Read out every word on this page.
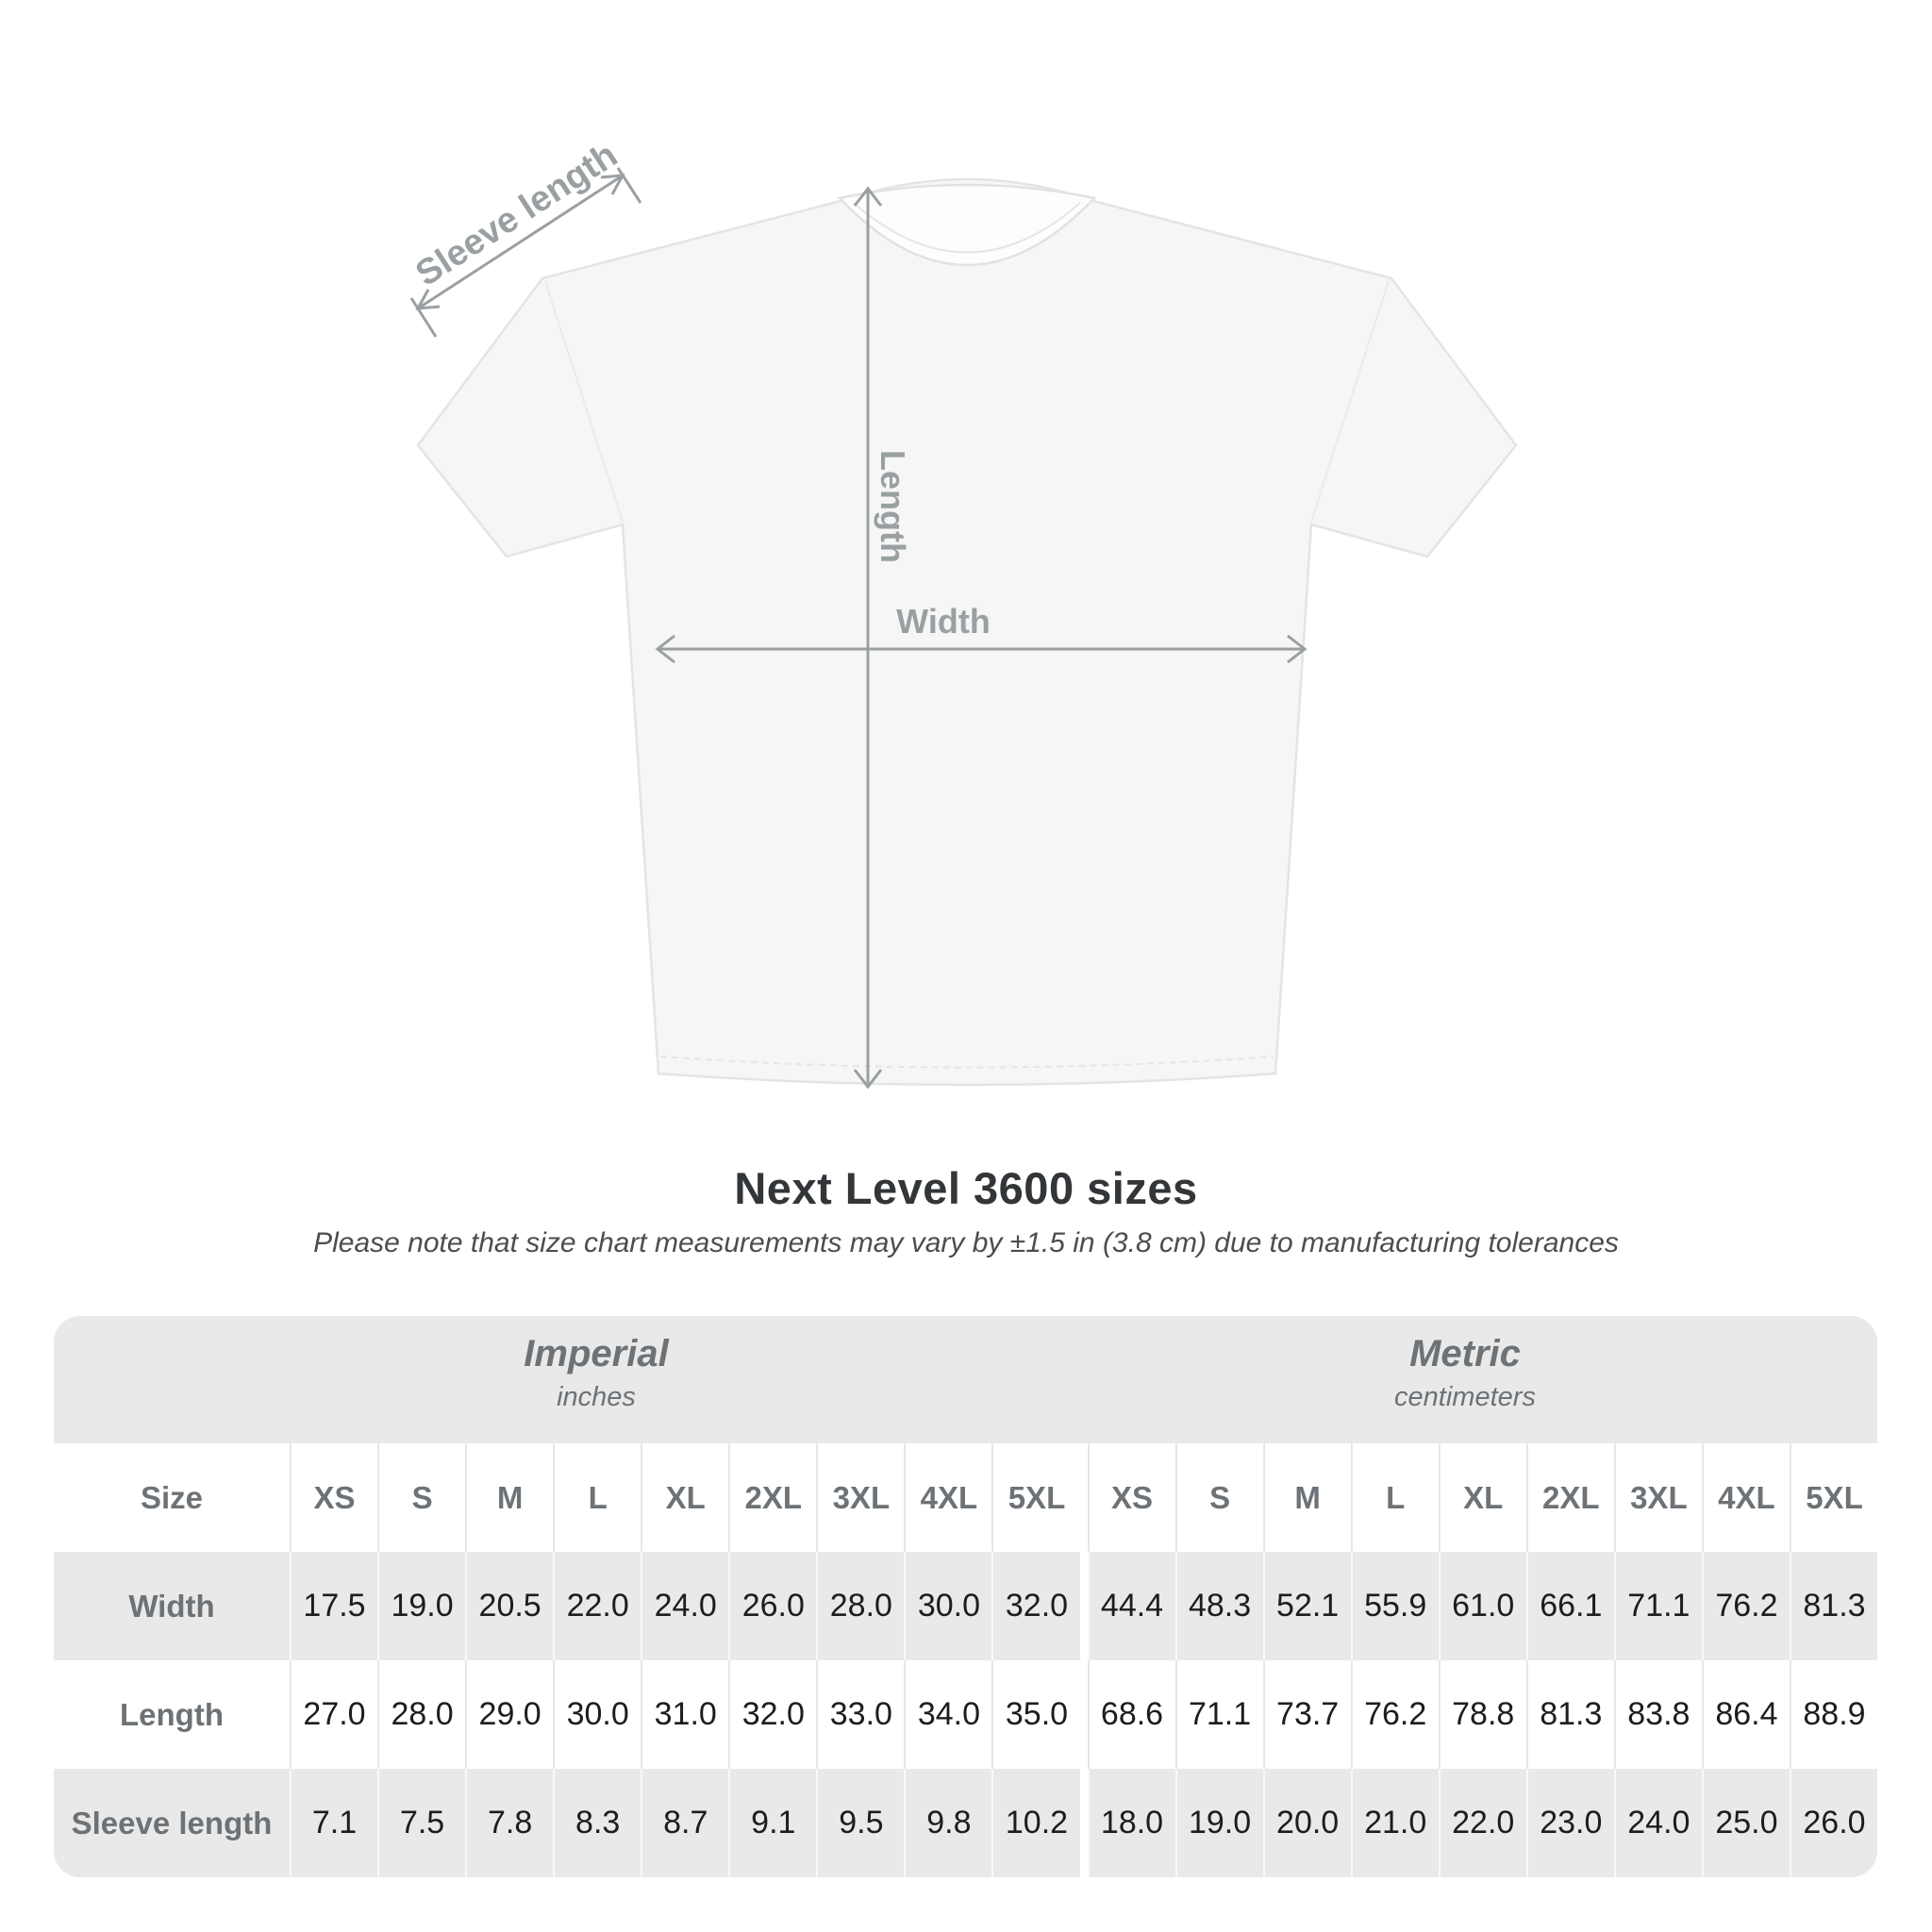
Sleeve length
Length
Width
Next Level 3600 sizes
Please note that size chart measurements may vary by ±1.5 in (3.8 cm) due to manufacturing tolerances
Imperial
inches
Metric
centimeters
Size	XS	S	M	L	XL	2XL 3XL 4XL 5XL	XS	S	M	L	XL	2XL 3XL 4XL 5XL
Width	17.5 19.0 20.5 22.0 24.0 26.0 28.0 30.0 32.0	44.4 48.3 52.1 55.9 61.0 66.1 71.1 76.2 81.3
Length	27.0 28.0 29.0 30.0 31.0 32.0 33.0 34.0 35.0	68.6 71.1 73.7 76.2 78.8 81.3 83.8 86.4 88.9
Sleeve length	7.1	7.5	7.8	8.3	8.7	9.1	9.5	9.8	10.2	18.0 19.0 20.0 21.0 22.0 23.0 24.0 25.0 26.0
